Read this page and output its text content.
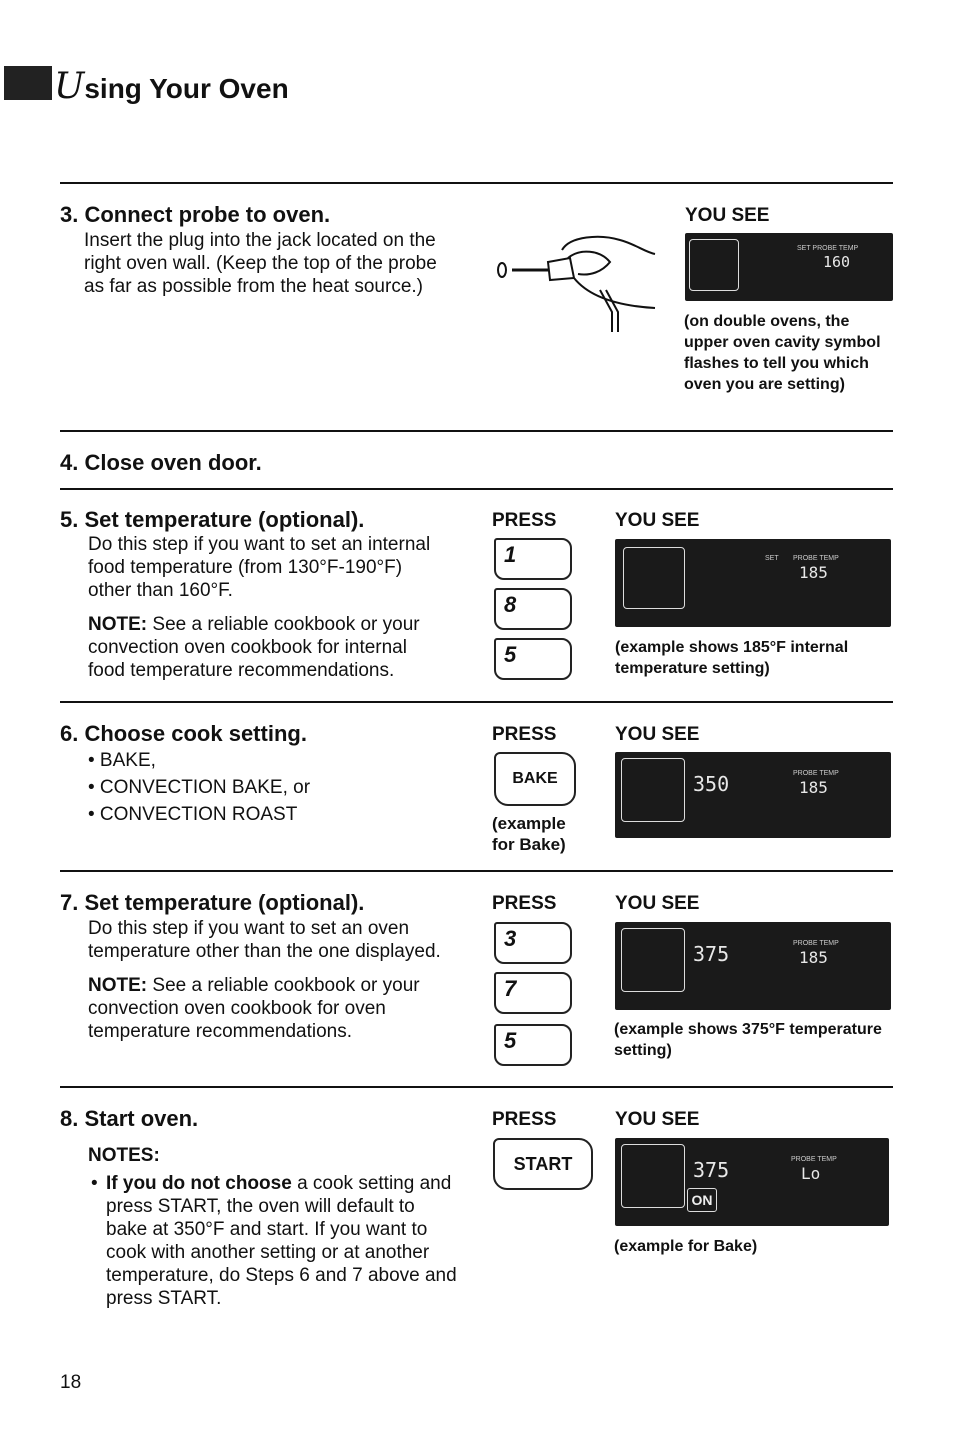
Using Your Oven
3. Connect probe to oven.
Insert the plug into the jack located on the right oven wall. (Keep the top of the probe as far as possible from the heat source.)
YOU SEE
SET PROBE TEMP
160
(on double ovens, the upper oven cavity symbol flashes to tell you which oven you are setting)
4. Close oven door.
5. Set temperature (optional).
Do this step if you want to set an internal food temperature (from 130°F-190°F) other than 160°F.
NOTE: See a reliable cookbook or your convection oven cookbook for internal food temperature recommendations.
PRESS
1
8
5
YOU SEE
SET PROBE TEMP
185
(example shows 185°F internal temperature setting)
6. Choose cook setting.
• BAKE,
• CONVECTION BAKE, or
• CONVECTION ROAST
PRESS
BAKE
(example for Bake)
YOU SEE
350	PROBE TEMP
185
7. Set temperature (optional).
Do this step if you want to set an oven temperature other than the one displayed.
NOTE: See a reliable cookbook or your convection oven cookbook for oven temperature recommendations.
PRESS
3
7
5
YOU SEE
375	PROBE TEMP
185
(example shows 375°F temperature setting)
8. Start oven.
NOTES:
• If you do not choose a cook setting and press START, the oven will default to bake at 350°F and start. If you want to cook with another setting or at another temperature, do Steps 6 and 7 above and press START.
PRESS
START
YOU SEE
375	PROBE TEMP
Lo
ON
(example for Bake)
18
